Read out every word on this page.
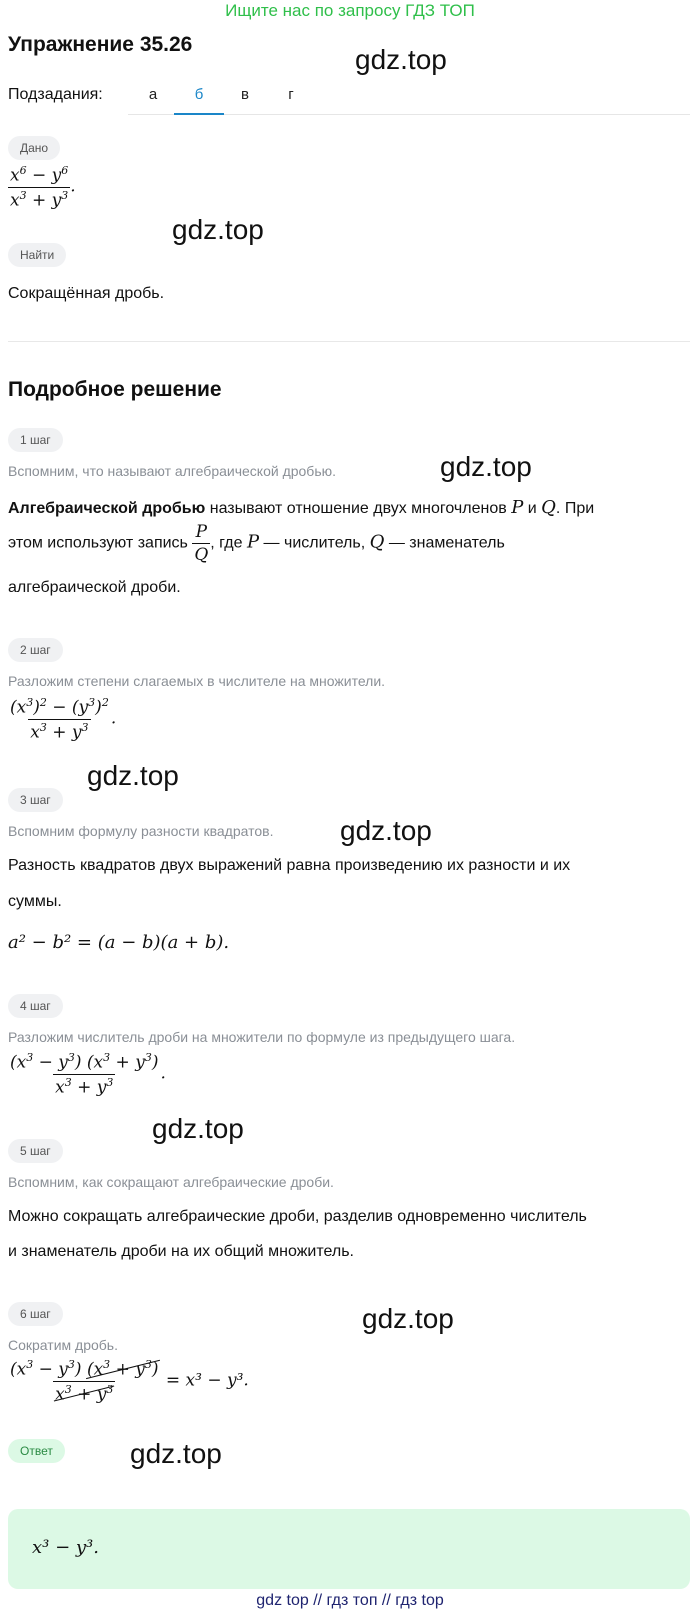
Ищите нас по запросу ГДЗ ТОП
Упражнение 35.26	gdz.top
Подзадания:	а	б	в	г
Дано
$\frac{x^6 - y^6}{x^3 + y^3}$ .
gdz.top
Найти
Сокращённая дробь.
Подробное решение
1 шаг
Вспомним, что называют алгебраической дробью.	gdz.top
Алгебраической дробью называют отношение двух многочленов P и Q. При
этом используют запись $\frac{P}{Q}$ , где P — числитель, Q — знаменатель
алгебраической дроби.
2 шаг
Разложим степени слагаемых в числителе на множители.
$\frac{(x^3)^2 - (y^3)^2}{x^3 + y^3}$ .
gdz.top
3 шаг
Вспомним формулу разности квадратов. gdz.top
Разность квадратов двух выражений равна произведению их разности и их
суммы.
a² − b² = (a − b)(a + b).
4 шаг
Разложим числитель дроби на множители по формуле из предыдущего шага.
$\frac{(x^3 - y^3) (x^3 + y^3)}{x^3 + y^3}$ .
gdz.top
5 шаг
Вспомним, как сокращают алгебраические дроби.
Можно сокращать алгебраические дроби, разделив одновременно числитель
и знаменатель дроби на их общий множитель.
6 шаг	gdz.top
Сократим дробь.
$\frac{(x^3 - y^3) (x^3 + y^3)}{x^3 + y^3} = x^3 - y^3$.
Ответ	gdz.top
x³ − y³.
gdz top // гдз топ // гдз top
